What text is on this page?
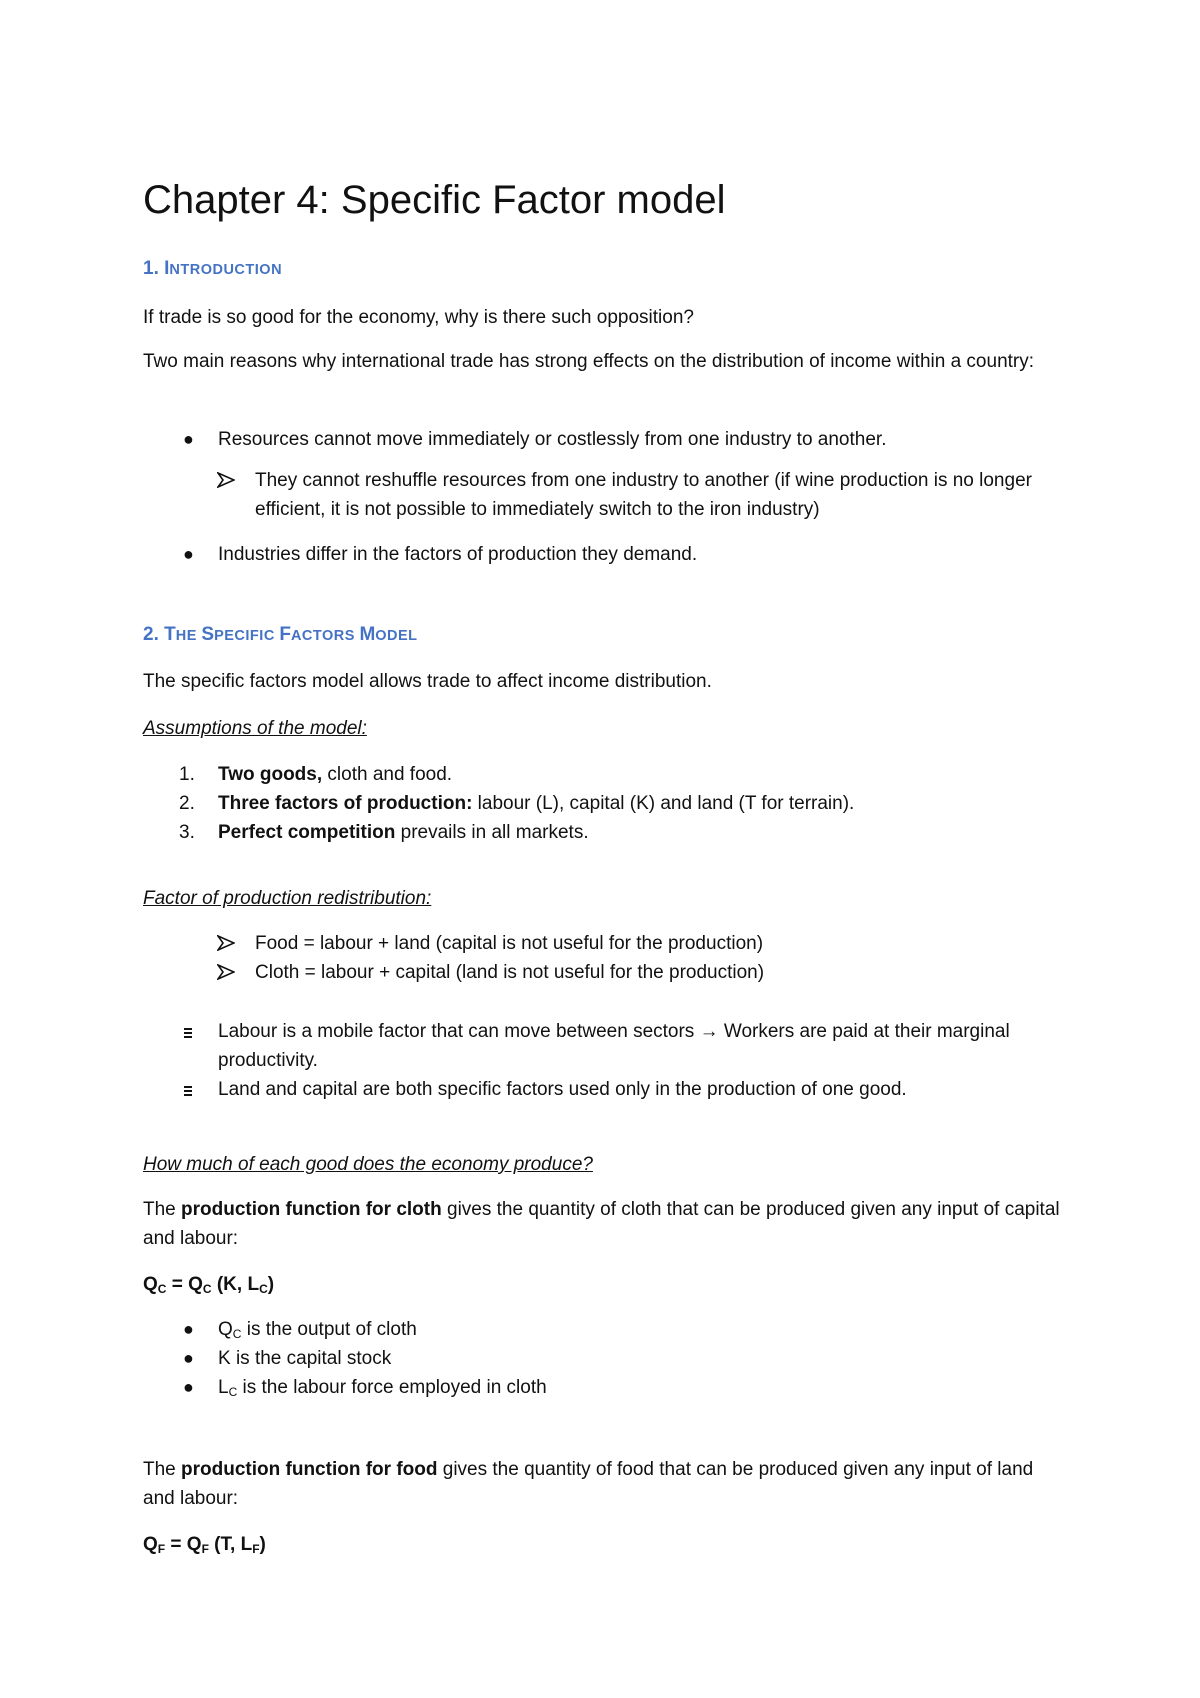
Chapter 4: Specific Factor model
1. INTRODUCTION
If trade is so good for the economy, why is there such opposition?
Two main reasons why international trade has strong effects on the distribution of income within a country:
● Resources cannot move immediately or costlessly from one industry to another.
They cannot reshuffle resources from one industry to another (if wine production is no longer efficient, it is not possible to immediately switch to the iron industry)
● Industries differ in the factors of production they demand.
2. THE SPECIFIC FACTORS MODEL
The specific factors model allows trade to affect income distribution.
Assumptions of the model:
1. Two goods, cloth and food.
2. Three factors of production: labour (L), capital (K) and land (T for terrain).
3. Perfect competition prevails in all markets.
Factor of production redistribution:
Food = labour + land (capital is not useful for the production)
Cloth = labour + capital (land is not useful for the production)
Labour is a mobile factor that can move between sectors → Workers are paid at their marginal productivity.
Land and capital are both specific factors used only in the production of one good.
How much of each good does the economy produce?
The production function for cloth gives the quantity of cloth that can be produced given any input of capital and labour:
$Q_C = Q_C$ (K, $L_C$)
● $Q_C$ is the output of cloth
● K is the capital stock
● $L_C$ is the labour force employed in cloth
The production function for food gives the quantity of food that can be produced given any input of land and labour:
$Q_F = Q_F$ (T, $L_F$)
